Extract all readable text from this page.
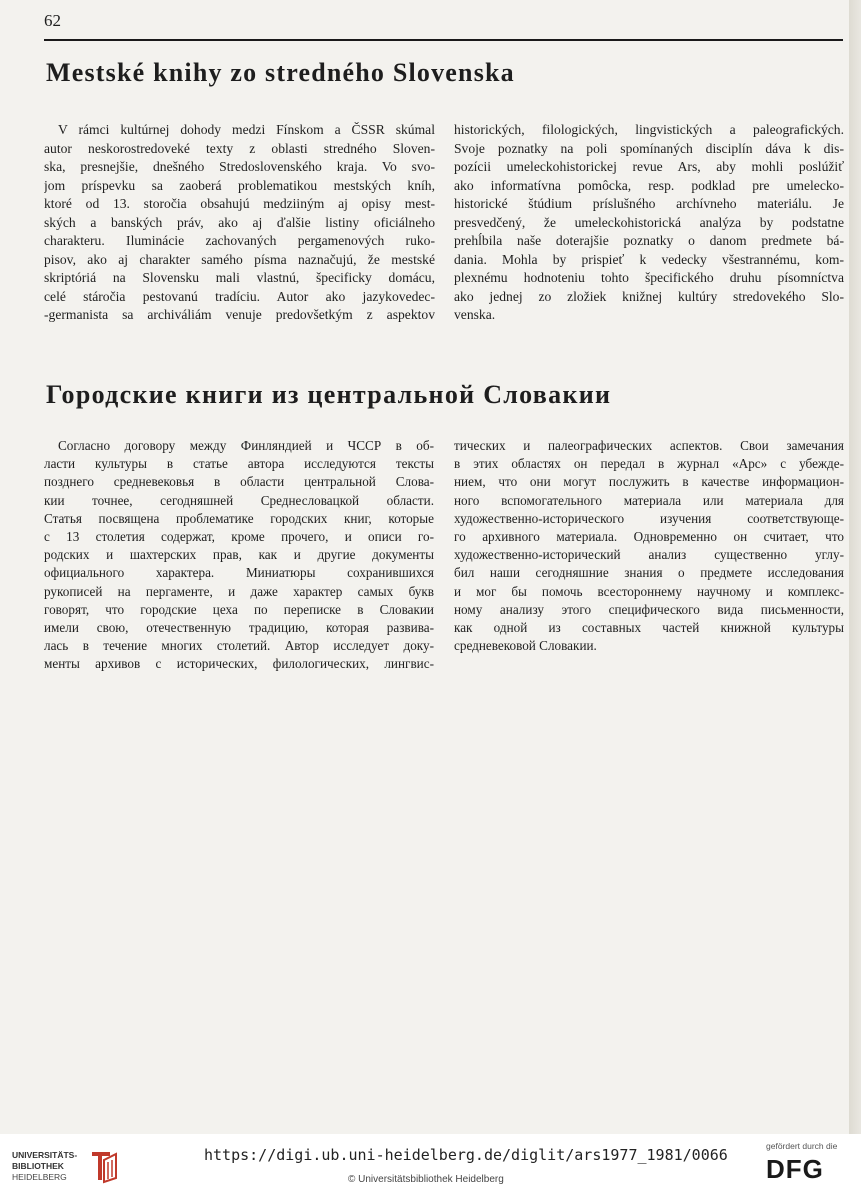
62
Mestské knihy zo stredného Slovenska
V rámci kultúrnej dohody medzi Fínskom a ČSSR skúmal
autor neskorostredoveké texty z oblasti stredného Sloven-
ska, presnejšie, dnešného Stredoslovenského kraja. Vo svo-
jom príspevku sa zaoberá problematikou mestských kníh,
ktoré od 13. storočia obsahujú medziiným aj opisy mest-
ských a banských práv, ako aj ďalšie listiny oficiálneho
charakteru. Iluminácie zachovaných pergamenových ruko-
pisov, ako aj charakter samého písma naznačujú, že mestské
skriptóriá na Slovensku mali vlastnú, špecificky domácu,
celé stáročia pestovanú tradíciu. Autor ako jazykovedec-
-germanista sa archiváliám venuje predovšetkým z aspektov
historických, filologických, lingvistických a paleografických.
Svoje poznatky na poli spomínaných disciplín dáva k dis-
pozícii umeleckohistorickej revue Ars, aby mohli poslúžiť
ako informatívna pomôcka, resp. podklad pre umelecko-
historické štúdium príslušného archívneho materiálu. Je
presvedčený, že umeleckohistorická analýza by podstatne
prehĺbila naše doterajšie poznatky o danom predmete bá-
dania. Mohla by prispieť k vedecky všestrannému, kom-
plexnému hodnoteniu tohto špecifického druhu písomníctva
ako jednej zo zložiek knižnej kultúry stredovekého Slo-
venska.
Городские книги из центральной Словакии
Согласно договору между Финляндией и ЧССР в об-
ласти культуры в статье автора исследуются тексты
позднего средневековья в области центральной Слова-
кии точнее, сегодняшней Среднесловацкой области.
Статья посвящена проблематике городских книг, которые
с 13 столетия содержат, кроме прочего, и описи го-
родских и шахтерских прав, как и другие документы
официального характера. Миниатюры сохранившихся
рукописей на пергаменте, и даже характер самых букв
говорят, что городские цеха по переписке в Словакии
имели свою, отечественную традицию, которая развива-
лась в течение многих столетий. Автор исследует доку-
менты архивов с исторических, филологических, лингвис-
тических и палеографических аспектов. Свои замечания
в этих областях он передал в журнал «Арс» с убежде-
нием, что они могут послужить в качестве информацион-
ного вспомогательного материала или материала для
художественно-исторического изучения соответствующе-
го архивного материала. Одновременно он считает, что
художественно-исторический анализ существенно углу-
бил наши сегодняшние знания о предмете исследования
и мог бы помочь всестороннему научному и комплекс-
ному анализу этого специфического вида письменности,
как одной из составных частей книжной культуры
средневековой Словакии.
UNIVERSITÄTS-
BIBLIOTHEK
HEIDELBERG
https://digi.ub.uni-heidelberg.de/diglit/ars1977_1981/0066
© Universitätsbibliothek Heidelberg
gefördert durch die
DFG
